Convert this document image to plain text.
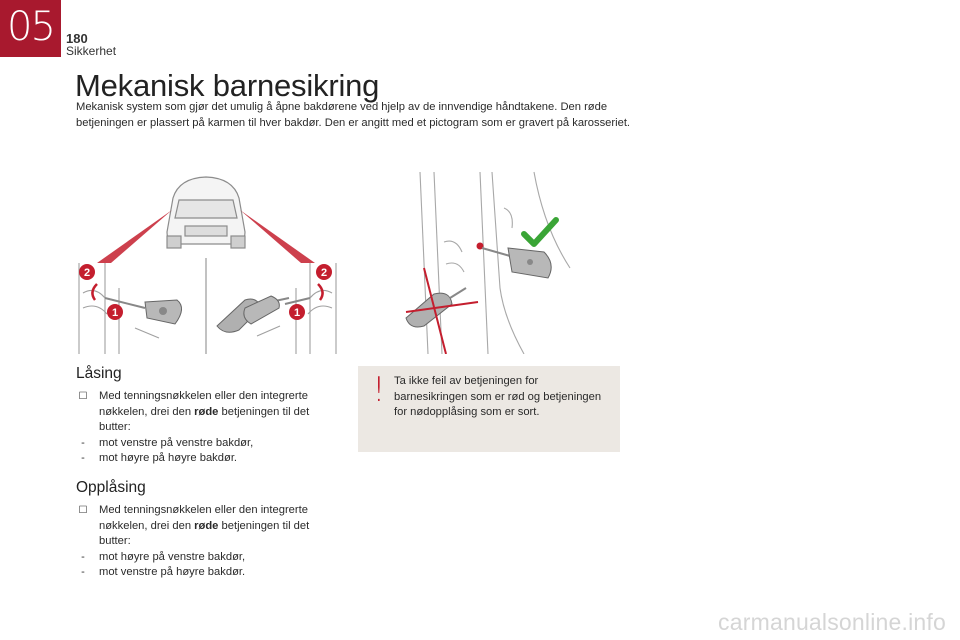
05 180
Sikkerhet
Mekanisk barnesikring

Mekanisk system som gjør det umulig å åpne bakdørene ved hjelp av de innvendige håndtakene. Den røde betjeningen er plassert på karmen til hver bakdør. Den er angitt med et pictogram som er gravert på karosseriet.

2
1
2
1
Låsing
☐ Med tenningsnøkkelen eller den integrerte nøkkelen, drei den røde betjeningen til det butter:
-	mot venstre på venstre bakdør,
-	mot høyre på høyre bakdør.
Opplåsing
☐ Med tenningsnøkkelen eller den integrerte nøkkelen, drei den røde betjeningen til det butter:
-	mot høyre på venstre bakdør,
-	mot venstre på høyre bakdør.
! Ta ikke feil av betjeningen for barnesikringen som er rød og betjeningen for nødopplåsing som er sort.

carmanualsonline.info
